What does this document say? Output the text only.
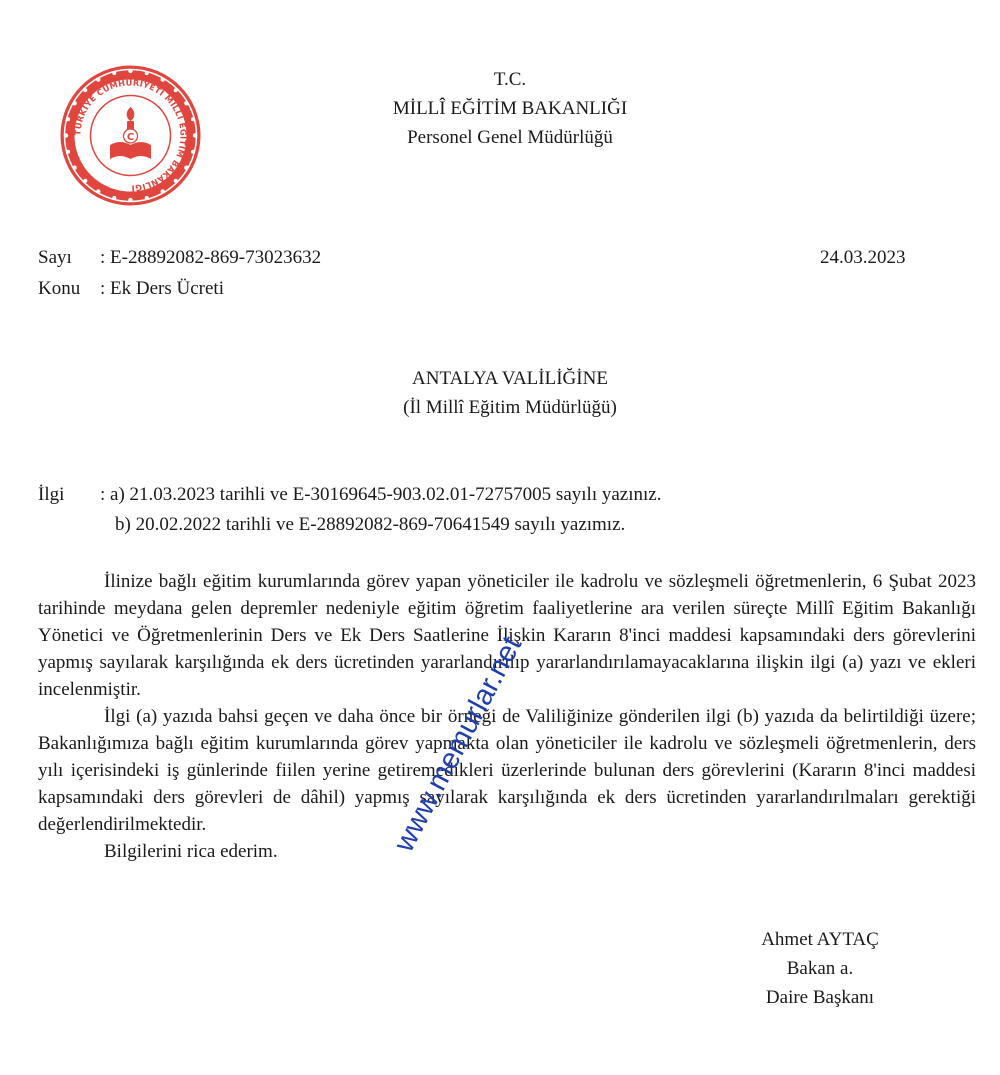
TÜRKİYE CUMHURİYETİ MİLLÎ EĞİTİM BAKANLIĞI
C
T.C.
MİLLÎ EĞİTİM BAKANLIĞI
Personel Genel Müdürlüğü
Sayı : E-28892082-869-73023632	24.03.2023
Konu : Ek Ders Ücreti
ANTALYA VALİLİĞİNE
(İl Millî Eğitim Müdürlüğü)
İlgi : a) 21.03.2023 tarihli ve E-30169645-903.02.01-72757005 sayılı yazınız.
b) 20.02.2022 tarihli ve E-28892082-869-70641549 sayılı yazımız.
İlinize bağlı eğitim kurumlarında görev yapan yöneticiler ile kadrolu ve sözleşmeli öğretmenlerin, 6 Şubat 2023 tarihinde meydana gelen depremler nedeniyle eğitim öğretim faaliyetlerine ara verilen süreçte Millî Eğitim Bakanlığı Yönetici ve Öğretmenlerinin Ders ve Ek Ders Saatlerine İlişkin Kararın 8'inci maddesi kapsamındaki ders görevlerini yapmış sayılarak karşılığında ek ders ücretinden yararlandırılıp yararlandırılamayacaklarına ilişkin ilgi (a) yazı ve ekleri incelenmiştir.
İlgi (a) yazıda bahsi geçen ve daha önce bir örneği de Valiliğinize gönderilen ilgi (b) yazıda da belirtildiği üzere; Bakanlığımıza bağlı eğitim kurumlarında görev yapmakta olan yöneticiler ile kadrolu ve sözleşmeli öğretmenlerin, ders yılı içerisindeki iş günlerinde fiilen yerine getiremedikleri üzerlerinde bulunan ders görevlerini (Kararın 8'inci maddesi kapsamındaki ders görevleri de dâhil) yapmış sayılarak karşılığında ek ders ücretinden yararlandırılmaları gerektiği değerlendirilmektedir.
Bilgilerini rica ederim.
Ahmet AYTAÇ
Bakan a.
Daire Başkanı
www.memurlar.net
